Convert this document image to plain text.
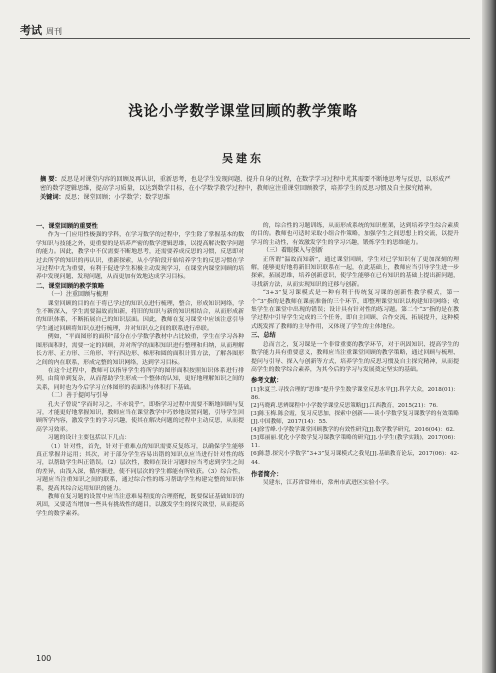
考试 周刊
浅论小学数学课堂回顾的教学策略
吴建东

摘 要：反思是对课堂内容的回顾及再认识，重新思考，也是学生发现问题、提升自身的过程，在数学学习过程中尤其需要不断地思考与反思，以形成严密的数学逻辑思维，提高学习质量，以达到数学目标，在小学数学教学过程中，教师应注重课堂回顾教学，培养学生的反思习惯及自主探究精神。

关键词：反思；课堂回顾；小学数学；数学思维

一、课堂回顾的重要性

作为一门应用性极强的学科，在学习数学的过程中，学生除了掌握基本的数学知识与技能之外，更重要的是培养严密的数学逻辑思维，以提高解决数学问题的能力。因此，教学中不仅需要不断地思考，还需要养成反思的习惯，反思即对过去所学的知识的再认识，重新探索，从小学阶段开始培养学生的反思习惯在学习过程中尤为重要，有利于促进学生积极主动发现学习，在课堂内课堂回顾的培养中发现问题、发现问题，从而更加有效地达成学习目标。

二、课堂回顾的教学策略
（一）注重回顾与梳理

课堂回顾的目的在于将已学过的知识点进行梳理，整合，形成知识网络，学生不断深入，学生需要温故而知新，将旧的知识与新的知识相结合，从而形成新的知识体系，不断拓展自己的知识层面。因此，教师在复习课堂中应该注意引导学生通过回顾将知识点进行梳理，并对知识点之间的联系进行串联。

例如，“平面图形的面积”部分在小学数学教材中占比较重，学生在学习各种图形面积时，需要一定的回顾，并对所学的面积知识进行整理和归纳，从而理解长方形、正方形、三角形、平行四边形、梯形和圆的面积计算方法，了解各图形之间的内在联系，形成完整的知识网络，达到学习目标。

在这个过程中，教师可以指导学生将所学的图形面积按照知识体系进行排列，由简单到复杂，从而帮助学生形成一个整体的认知，更好地理解知识之间的关系，同时也为今后学习立体图形的表面积与体积打下基础。

（二）善于提问与引导

孔夫子曾说“学而时习之，不亦说乎”，即指学习过程中需要不断地回顾与复习，才能更好地掌握知识，教师应当在课堂教学中巧妙地设置问题，引导学生回顾所学内容，激发学生的学习兴趣，使其在解决问题的过程中主动反思，从而提高学习效率。

习题的设计主要包括以下几点：

（1）针对性，首先，针对于重难点的知识需要反复练习，以确保学生能够真正掌握并运用；其次，对于部分学生容易出错的知识点应当进行针对性的练习，以帮助学生纠正错误。（2）层次性，教师在设计习题时应当考虑到学生之间的差异，由浅入深，循序渐进，使不同层次的学生都能有所收获。（3）综合性，习题应当注重知识之间的联系，通过综合性的练习帮助学生构建完整的知识体系，提高其综合运用知识的能力。

教师在复习题的设置中应当注意难易程度的合理搭配，既要保证基础知识的巩固，又要适当增加一些具有挑战性的题目，以激发学生的探究欲望，从而提高学生的数学素养。

的，综合性的习题训练，从而形成系统的知识框架，达到培养学生综合素质的目的。教师也可适时采取小组合作策略，加强学生之间思想上的交流，以提升学习的主动性，有效激发学生的学习兴趣，锻炼学生的思维能力。

（三）着眼探入与创新

正所谓“温故而知新”，通过课堂回顾，学生对已学知识有了更加深刻的理解，能够更好地将新旧知识联系在一起，在此基础上，教师应当引导学生进一步探索，拓展思维，培养创新意识，使学生能够在已有知识的基础上提出新问题，寻找新方法，从而实现知识的迁移与创新。

“3+3”复习课模式是一种有利于传统复习课的创新性教学模式，第一个“3”指的是教师在课前准备的三个环节，即整理课堂知识以构建知识网络；收集学生在课堂中出现的错误；设计具有针对性的练习题。第二个“3”指的是在教学过程中引导学生完成的三个任务，即自主回顾、合作交流、拓展提升，这种模式既发挥了教师的主导作用，又体现了学生的主体地位。

三、总结

总而言之，复习课是一个非常重要的教学环节，对于巩固知识、提高学生的数学能力具有重要意义，教师应当注重课堂回顾的教学策略，通过回顾与梳理、提问与引导、探入与创新等方式，培养学生的反思习惯及自主探究精神，从而提高学生的数学综合素养，为其今后的学习与发展奠定坚实的基础。

参考文献：

[1]朱夏兰.寻找合理的“思维”提升学生数学课堂反思水平[J].科学大众，2018(01)：86.

[2]马晓莉.思辨课程中小学数学课堂反思策略[J].江西教育，2015(21)：76.

[3]陈玉梅.陈会霞，复习反思加，探索中创新——谈小学数学复习课教学的有效策略[J].中国教师，2017(14)：55.

[4]徐雪峰.小学数学课堂回顾教学的有效性研究[J].数学教学研究，2016(04)：62.

[5]郑丽丽.优化小学数学复习课教学策略的研究[J].小学生(教学实践)，2017(06)：11.

[6]陈慧.探究小学数学“3+3”复习课模式之我见[J].基础教育论坛，2017(06)：42-44.

作者简介：

吴建东，江苏省常州市，常州市武进区实验小学。

100
